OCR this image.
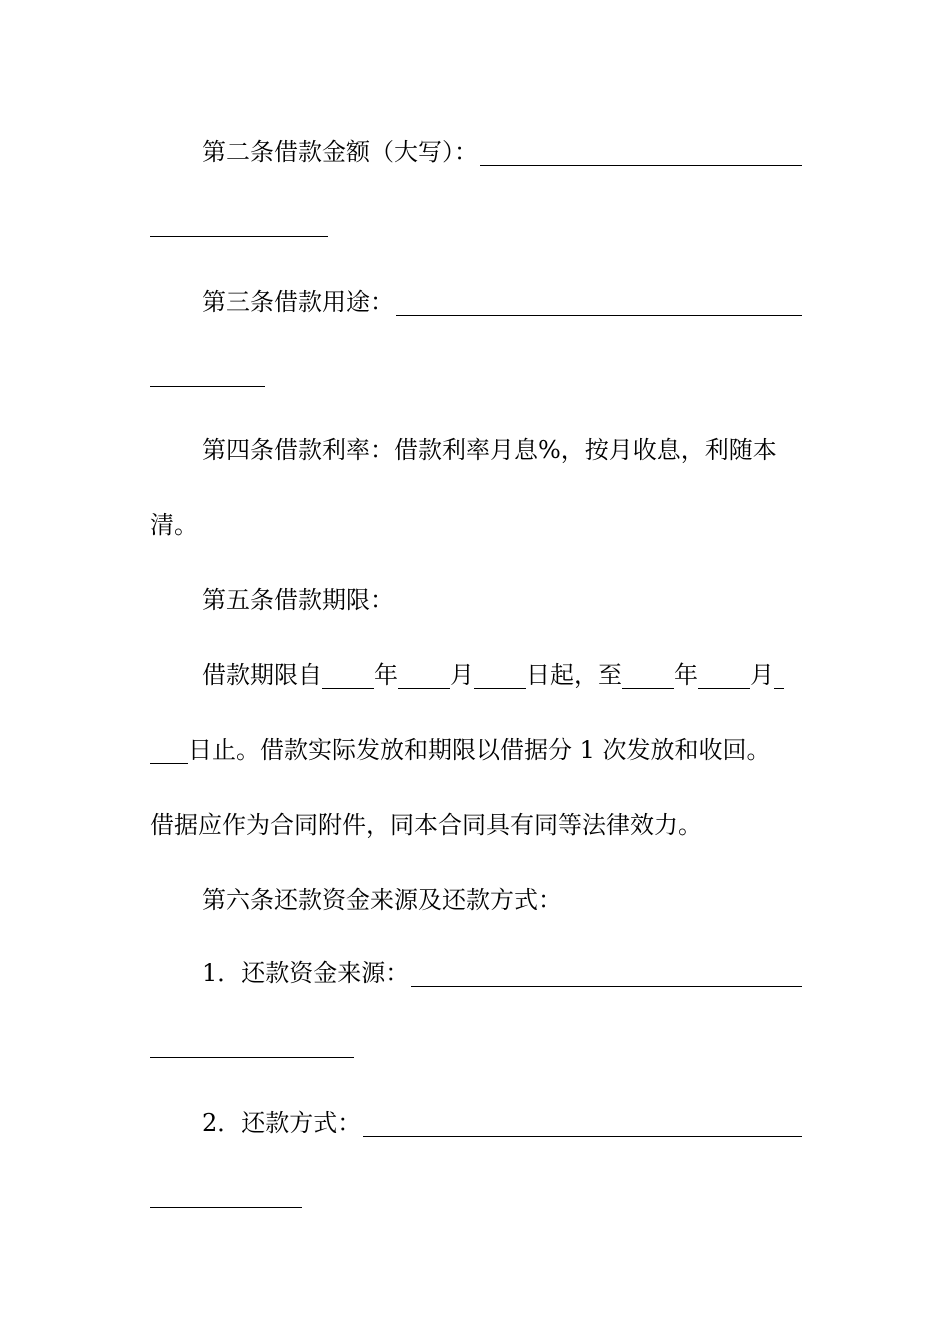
第二条借款金额（大写）：
第三条借款用途：
第四条借款利率：借款利率月息%，按月收息，利随本
清。
第五条借款期限：
借款期限自 年 月 日起，至 年 月
日止。借款实际发放和期限以借据分 1 次发放和收回。
借据应作为合同附件，同本合同具有同等法律效力。
第六条还款资金来源及还款方式：
1．还款资金来源：
2．还款方式：
